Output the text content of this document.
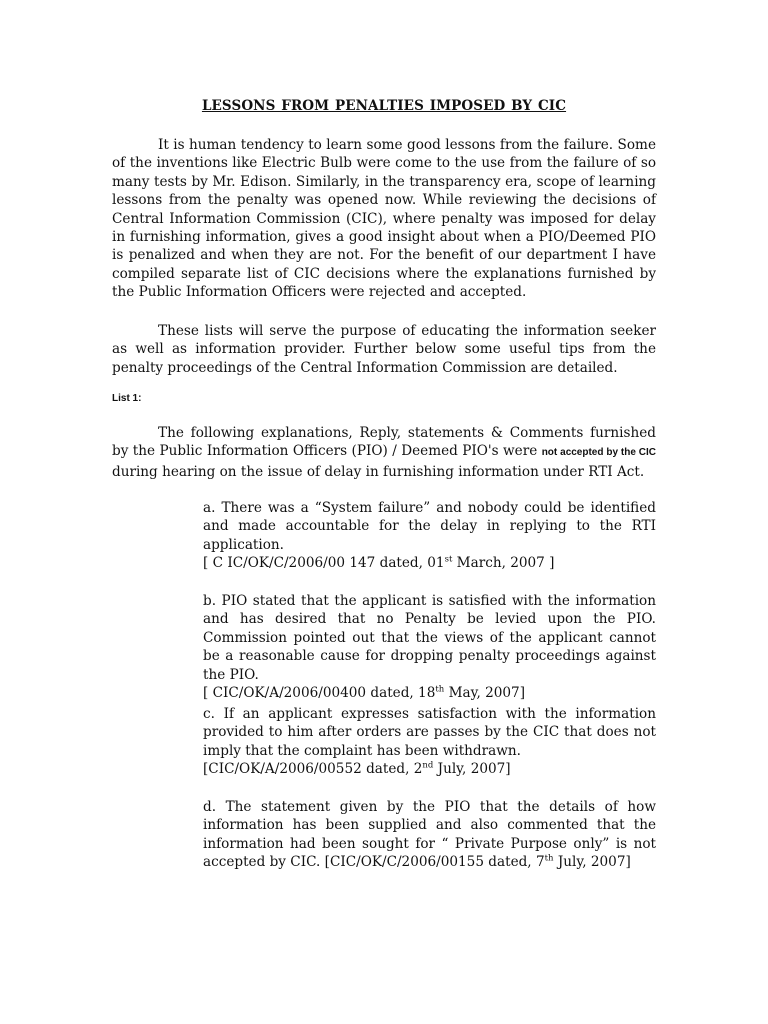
LESSONS FROM PENALTIES IMPOSED BY CIC
It is human tendency to learn some good lessons from the failure. Some of the inventions like Electric Bulb were come to the use from the failure of so many tests by Mr. Edison. Similarly, in the transparency era, scope of learning lessons from the penalty was opened now. While reviewing the decisions of Central Information Commission (CIC), where penalty was imposed for delay in furnishing information, gives a good insight about when a PIO/Deemed PIO is penalized and when they are not. For the benefit of our department I have compiled separate list of CIC decisions where the explanations furnished by the Public Information Officers were rejected and accepted.
These lists will serve the purpose of educating the information seeker as well as information provider. Further below some useful tips from the penalty proceedings of the Central Information Commission are detailed.
List 1:
The following explanations, Reply, statements & Comments furnished by the Public Information Officers (PIO) / Deemed PIO's were not accepted by the CIC during hearing on the issue of delay in furnishing information under RTI Act.
a. There was a “System failure” and nobody could be identified and made accountable for the delay in replying to the RTI application.
[ C IC/OK/C/2006/00 147 dated, 01st March, 2007 ]
b. PIO stated that the applicant is satisfied with the information and has desired that no Penalty be levied upon the PIO. Commission pointed out that the views of the applicant cannot be a reasonable cause for dropping penalty proceedings against the PIO.
[ CIC/OK/A/2006/00400 dated, 18th May, 2007]
c. If an applicant expresses satisfaction with the information provided to him after orders are passes by the CIC that does not imply that the complaint has been withdrawn.
[CIC/OK/A/2006/00552 dated, 2nd July, 2007]
d. The statement given by the PIO that the details of how information has been supplied and also commented that the information had been sought for “ Private Purpose only” is not accepted by CIC. [CIC/OK/C/2006/00155 dated, 7th July, 2007]
